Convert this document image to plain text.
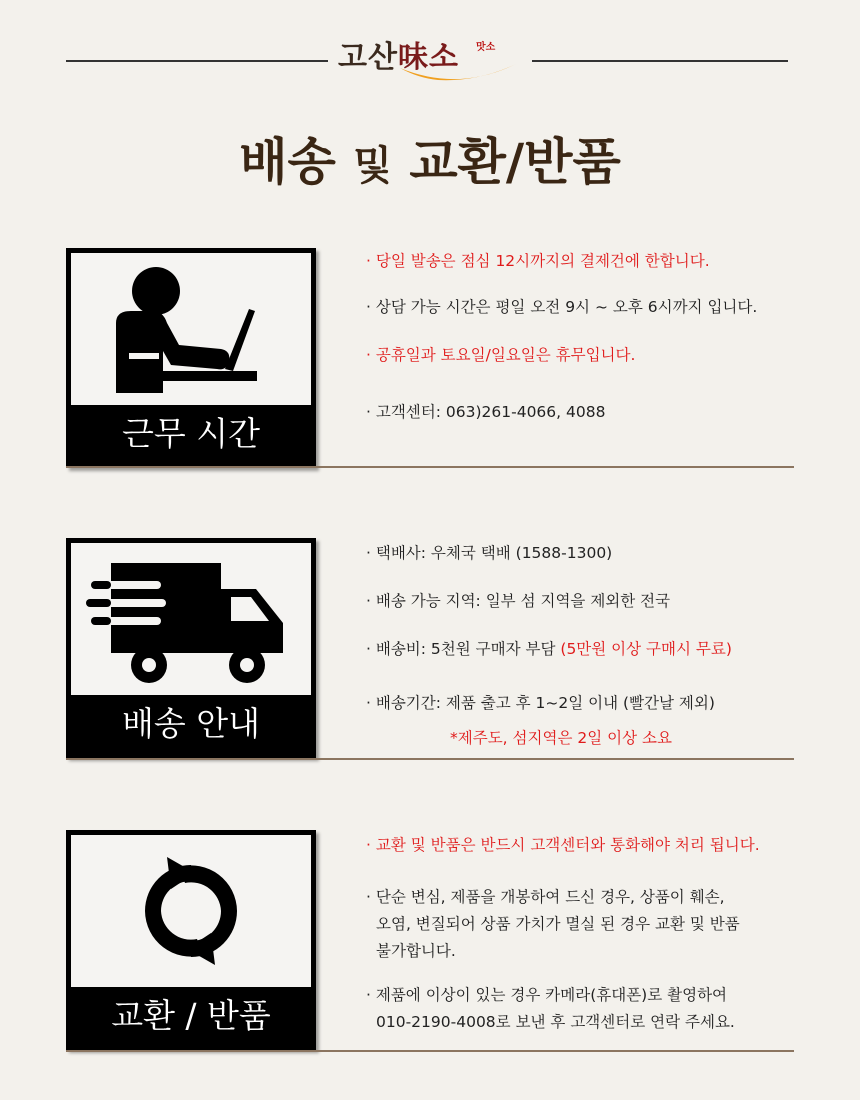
고산味소 맛소
배송 및 교환/반품
근무 시간
· 당일 발송은 점심 12시까지의 결제건에 한합니다.
· 상담 가능 시간은 평일 오전 9시 ~ 오후 6시까지 입니다.
· 공휴일과 토요일/일요일은 휴무입니다.
· 고객센터: 063)261-4066, 4088
배송 안내
· 택배사: 우체국 택배 (1588-1300)
· 배송 가능 지역: 일부 섬 지역을 제외한 전국
· 배송비: 5천원 구매자 부담 (5만원 이상 구매시 무료)
· 배송기간: 제품 출고 후 1~2일 이내 (빨간날 제외)
*제주도, 섬지역은 2일 이상 소요
교환 / 반품
· 교환 및 반품은 반드시 고객센터와 통화해야 처리 됩니다.
· 단순 변심, 제품을 개봉하여 드신 경우, 상품이 훼손,
오염, 변질되어 상품 가치가 멸실 된 경우 교환 및 반품
불가합니다.
· 제품에 이상이 있는 경우 카메라(휴대폰)로 촬영하여
010-2190-4008로 보낸 후 고객센터로 연락 주세요.
